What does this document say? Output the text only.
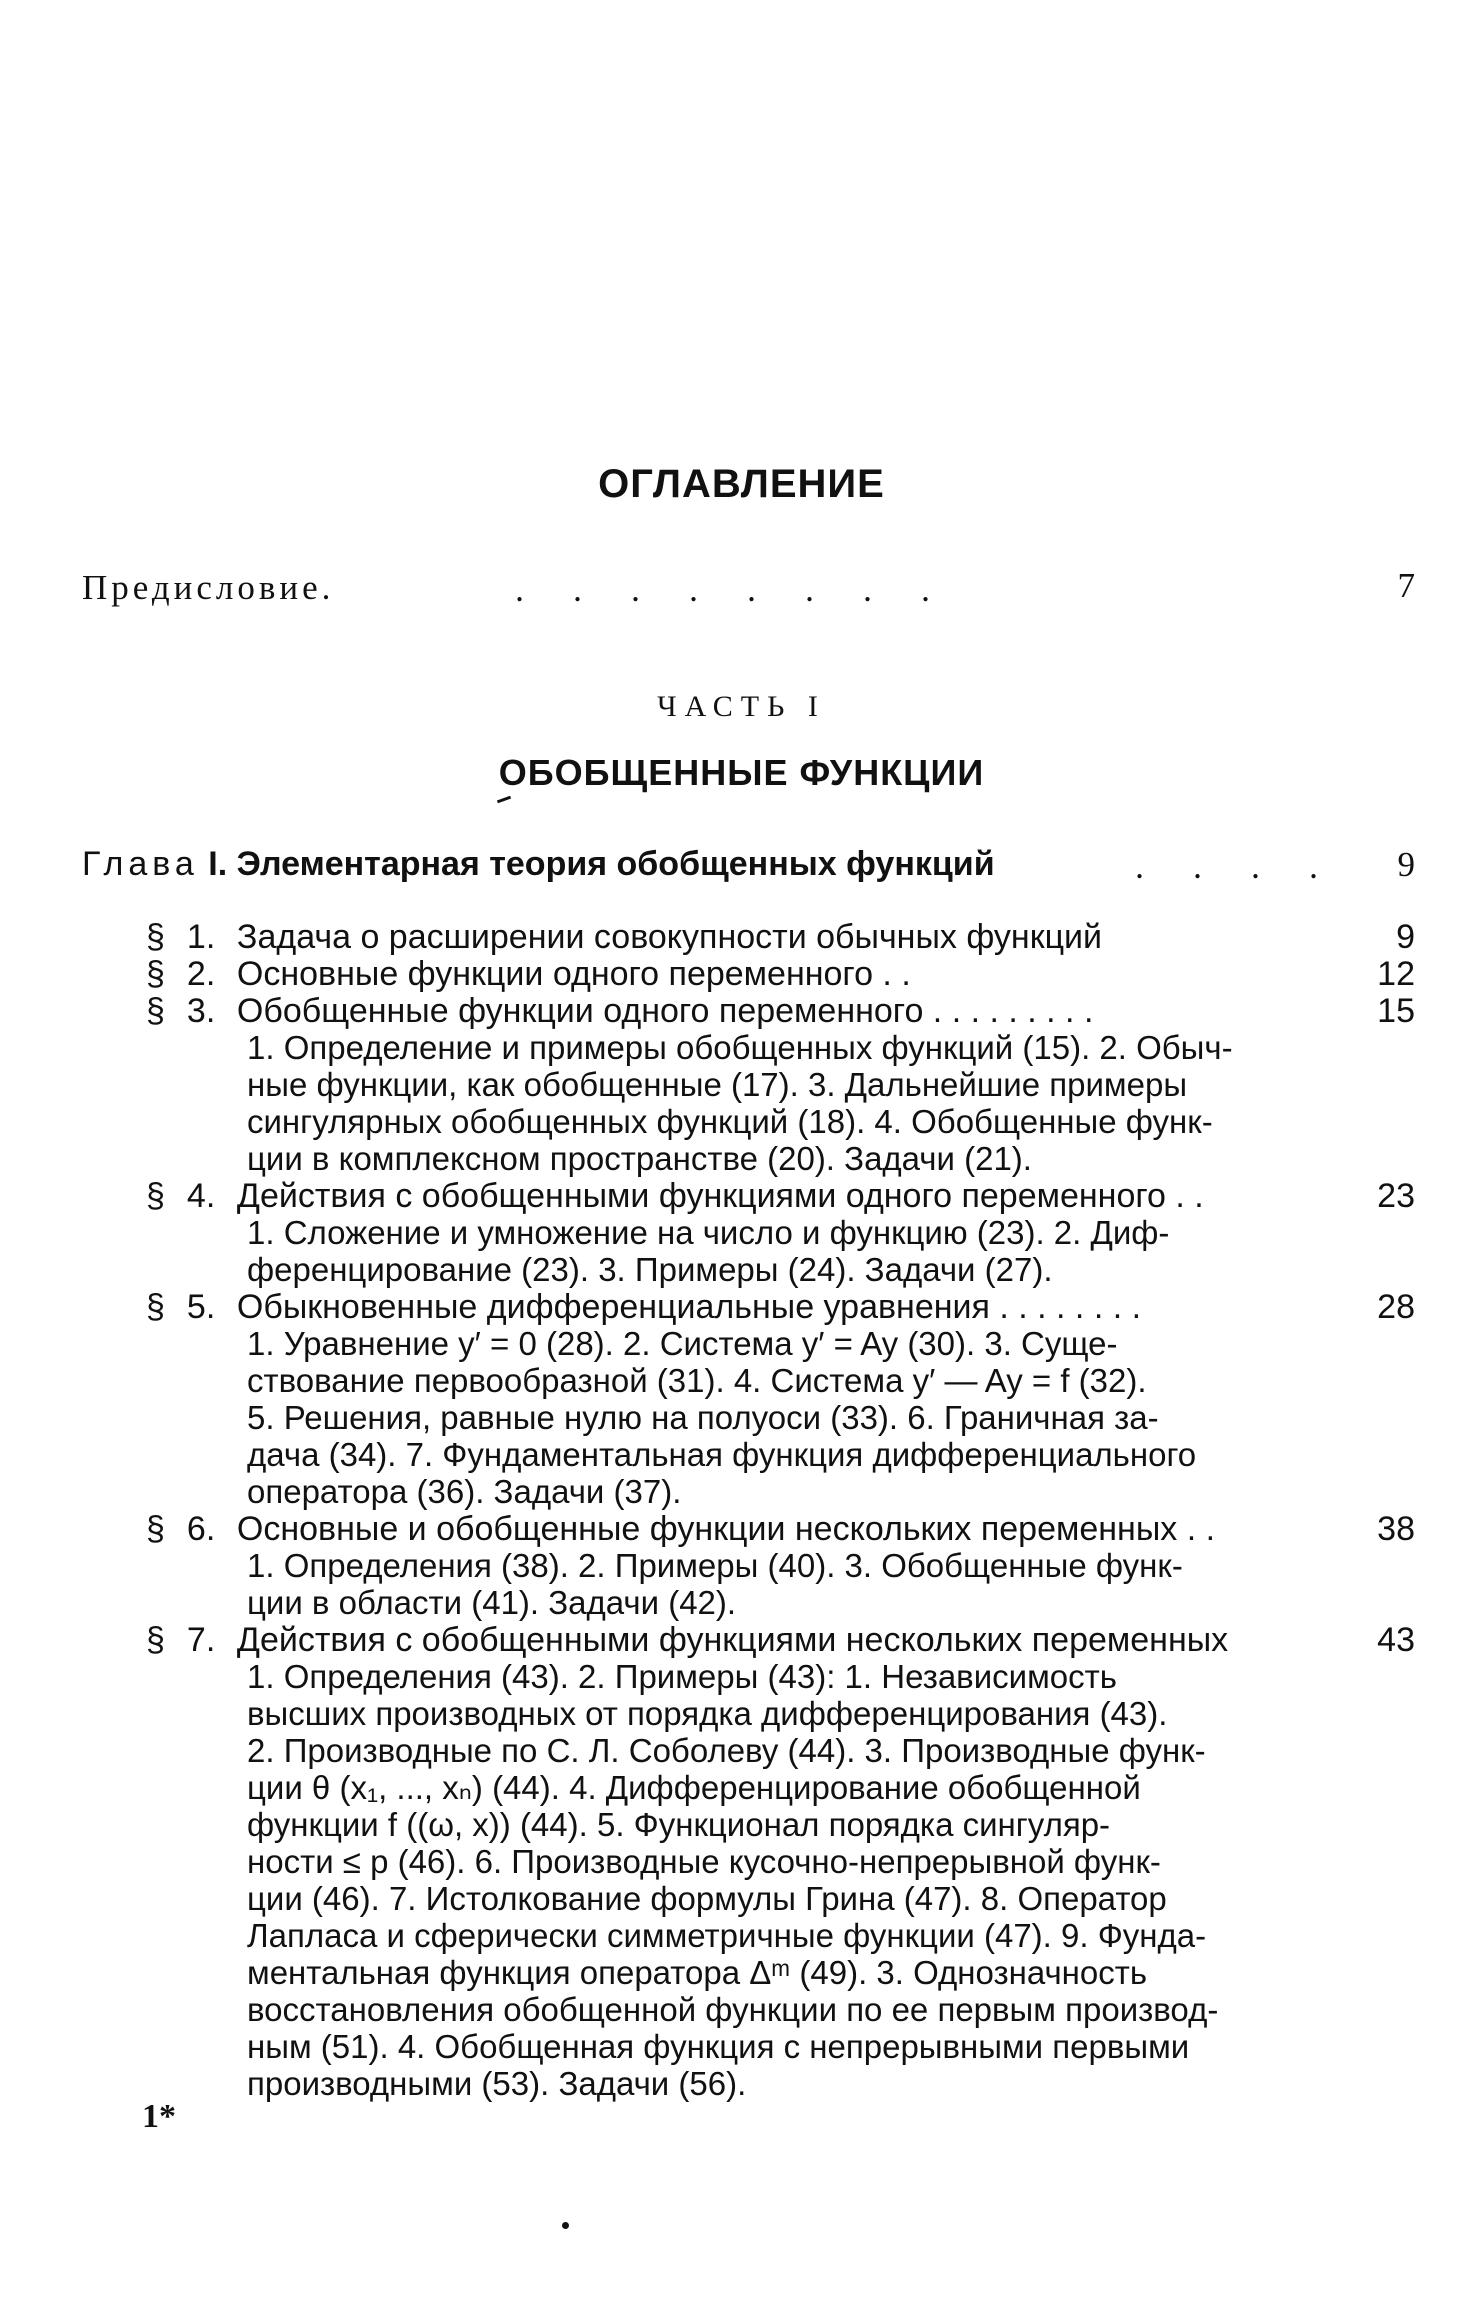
ОГЛАВЛЕНИЕ
Предисловие.	. . . . . . . .	7
ЧАСТЬ I
ОБОБЩЕННЫЕ ФУНКЦИИ
Глава I. Элементарная теория обобщенных функций	. . . .	9
§ 1. Задача о расширении совокупности обычных функций	9
§ 2. Основные функции одного переменного . .	12
§ 3. Обобщенные функции одного переменного . . . . . . . . .	15
1. Определение и примеры обобщенных функций (15). 2. Обыч-
ные функции, как обобщенные (17). 3. Дальнейшие примеры
сингулярных обобщенных функций (18). 4. Обобщенные функ-
ции в комплексном пространстве (20). Задачи (21).
§ 4. Действия с обобщенными функциями одного переменного . .	23
1. Сложение и умножение на число и функцию (23). 2. Диф-
ференцирование (23). 3. Примеры (24). Задачи (27).
§ 5. Обыкновенные дифференциальные уравнения . . . . . . . .	28
1. Уравнение y′ = 0 (28). 2. Система y′ = Ay (30). 3. Суще-
ствование первообразной (31). 4. Система y′ — Ay = f (32).
5. Решения, равные нулю на полуоси (33). 6. Граничная за-
дача (34). 7. Фундаментальная функция дифференциального
оператора (36). Задачи (37).
§ 6. Основные и обобщенные функции нескольких переменных . .	38
1. Определения (38). 2. Примеры (40). 3. Обобщенные функ-
ции в области (41). Задачи (42).
§ 7. Действия с обобщенными функциями нескольких переменных	43
1. Определения (43). 2. Примеры (43): 1. Независимость
высших производных от порядка дифференцирования (43).
2. Производные по С. Л. Соболеву (44). 3. Производные функ-
ции θ (x₁, ..., xₙ) (44). 4. Дифференцирование обобщенной
функции f ((ω, x)) (44). 5. Функционал порядка сингуляр-
ности ≤ p (46). 6. Производные кусочно-непрерывной функ-
ции (46). 7. Истолкование формулы Грина (47). 8. Оператор
Лапласа и сферически симметричные функции (47). 9. Фунда-
ментальная функция оператора Δᵐ (49). 3. Однозначность
восстановления обобщенной функции по ее первым производ-
ным (51). 4. Обобщенная функция с непрерывными первыми
производными (53). Задачи (56).
1*
